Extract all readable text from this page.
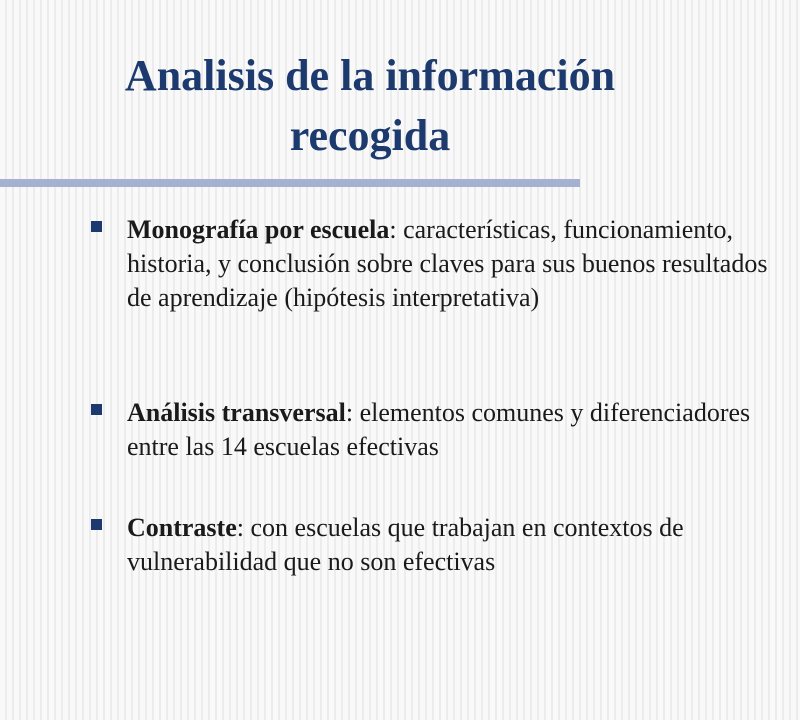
Analisis de la información
recogida

Monografía por escuela: características, funcionamiento, historia, y conclusión sobre claves para sus buenos resultados de aprendizaje (hipótesis interpretativa)

Análisis transversal: elementos comunes y diferenciadores entre las 14 escuelas efectivas

Contraste: con escuelas que trabajan en contextos de vulnerabilidad que no son efectivas
